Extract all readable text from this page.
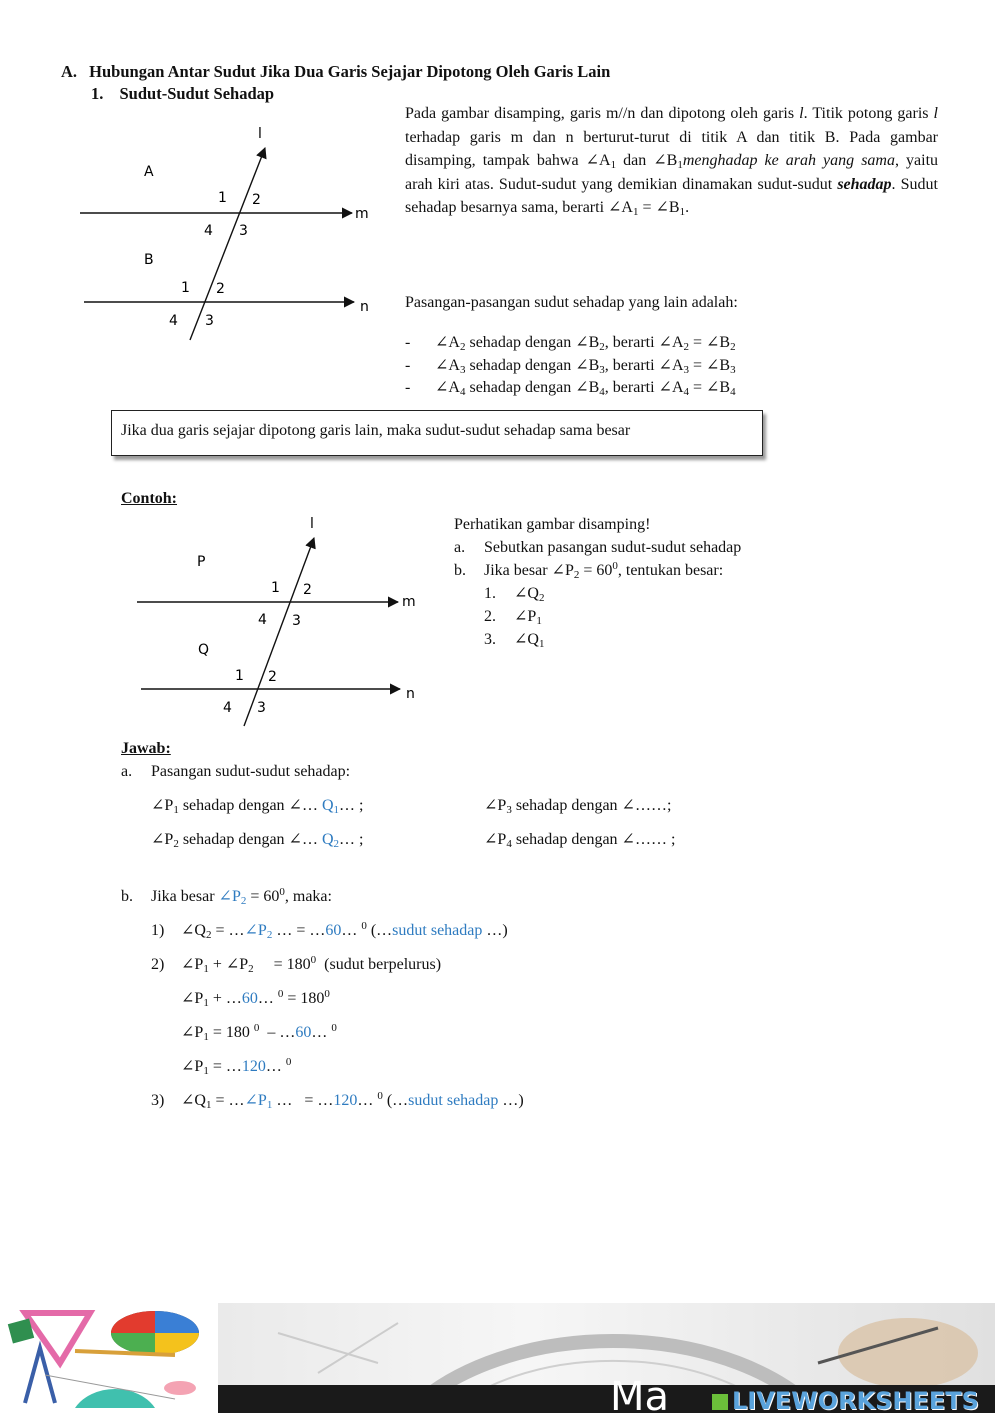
A. Hubungan Antar Sudut Jika Dua Garis Sejajar Dipotong Oleh Garis Lain
1. Sudut-Sudut Sehadap
l
m
n
A
B
1 2
3
4
1 2
3
4
Pada gambar disamping, garis m//n dan dipotong oleh garis l. Titik potong garis l terhadap garis m dan n berturut-turut di titik A dan titik B. Pada gambar disamping, tampak bahwa $\angle A_1$ dan $\angle B_1menghadap$ ke arah yang sama, yaitu arah kiri atas. Sudut-sudut yang demikian dinamakan sudut-sudut sehadap. Sudut sehadap besarnya sama, berarti $\angle A_1$ = $\angle B_1$.
Pasangan-pasangan sudut sehadap yang lain adalah:
- $\angle A_2$ sehadap dengan $\angle B_2$, berarti $\angle A_2$ = $\angle B_2$
- $\angle A_3$ sehadap dengan $\angle B_3$, berarti $\angle A_3$ = $\angle B_3$
- $\angle A_4$ sehadap dengan $\angle B_4$, berarti $\angle A_4$ = $\angle B_4$
Jika dua garis sejajar dipotong garis lain, maka sudut-sudut sehadap sama besar
Contoh:
l
m
n
P
Q
1 2
3
4
1 2
3
4
Perhatikan gambar disamping!
a. Sebutkan pasangan sudut-sudut sehadap
b. Jika besar $\angle P_2 = 60^0$, tentukan besar:
1. $\angle Q_2$
2. $\angle P_1$
3. $\angle Q_1$
Jawab:
a. Pasangan sudut-sudut sehadap:
$\angle P_1$ sehadap dengan ∠… $Q_1\dots$ ;	$\angle P_3$ sehadap dengan ∠……;
$\angle P_2$ sehadap dengan ∠… $Q_2\dots$ ;	$\angle P_4$ sehadap dengan ∠…… ;
b. Jika besar $\angle P_2 = 60^0$, maka:
1) $\angle Q_2$ = $\dots\angle P_2$ … = …60… $^0$ (…sudut sehadap …)
2) $\angle P_1$ + $\angle P_2$     = $180^0$  (sudut berpelurus)
$\angle P_1$ + …60… $^0 = 180^0$
$\angle P_1 = 180$ $^0$  – …60… $^0$
$\angle P_1$ = …120… $^0$
3) $\angle Q_1$ = $\dots\angle P_1$ …   = …120… $^0$ (…sudut sehadap …)
Ma	LIVEWORKSHEETS
